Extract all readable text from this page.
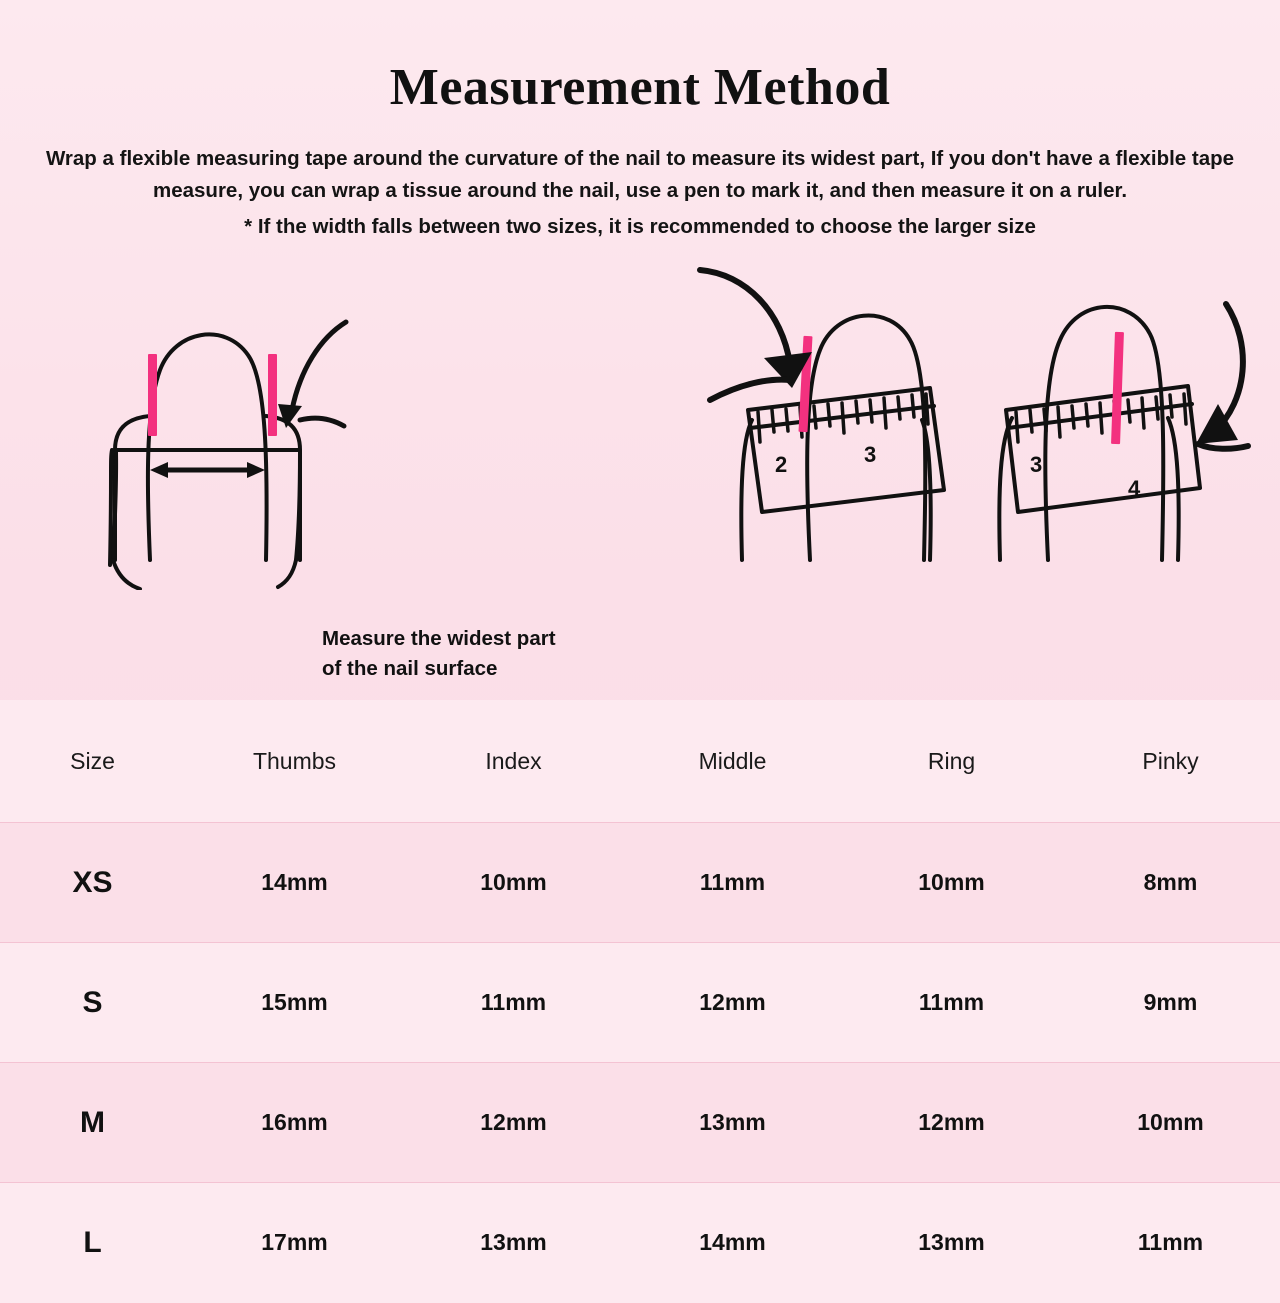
Measurement Method
Wrap a flexible measuring tape around the curvature of the nail to measure its widest part, If you don't have a flexible tape measure, you can wrap a tissue around the nail, use a pen to mark it, and then measure it on a ruler.
* If the width falls between two sizes, it is recommended to choose the larger size
2	3	3
4
Measure the widest part
of the nail surface
Size	Thumbs	Index	Middle	Ring	Pinky
XS	14mm	10mm	11mm	10mm	8mm
S	15mm	11mm	12mm	11mm	9mm
M	16mm	12mm	13mm	12mm	10mm
L	17mm	13mm	14mm	13mm	11mm
